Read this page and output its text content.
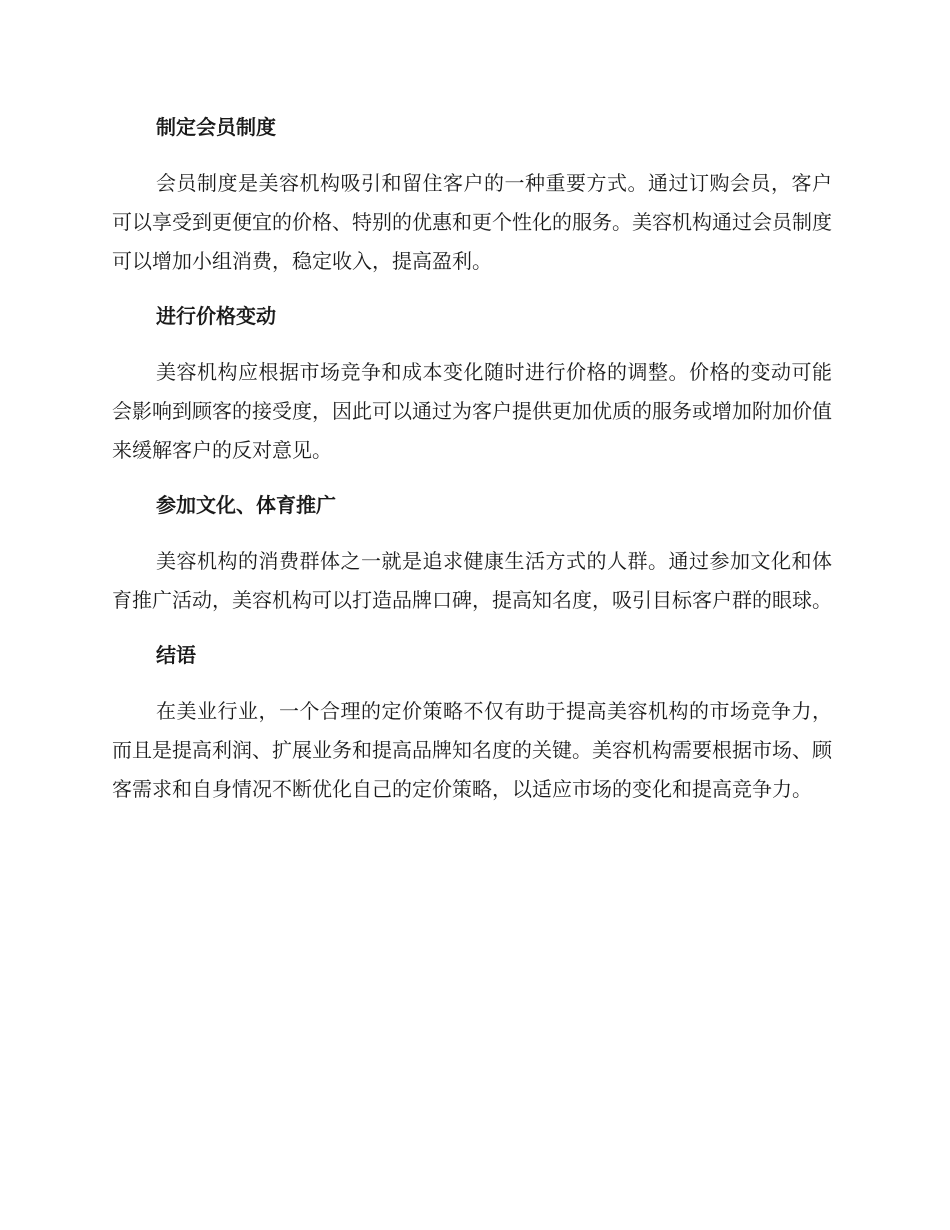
制定会员制度

会员制度是美容机构吸引和留住客户的一种重要方式。通过订购会员，客户可以享受到更便宜的价格、特别的优惠和更个性化的服务。美容机构通过会员制度可以增加小组消费，稳定收入，提高盈利。

进行价格变动

美容机构应根据市场竞争和成本变化随时进行价格的调整。价格的变动可能会影响到顾客的接受度，因此可以通过为客户提供更加优质的服务或增加附加价值来缓解客户的反对意见。

参加文化、体育推广

美容机构的消费群体之一就是追求健康生活方式的人群。通过参加文化和体育推广活动，美容机构可以打造品牌口碑，提高知名度，吸引目标客户群的眼球。

结语

在美业行业，一个合理的定价策略不仅有助于提高美容机构的市场竞争力，而且是提高利润、扩展业务和提高品牌知名度的关键。美容机构需要根据市场、顾客需求和自身情况不断优化自己的定价策略，以适应市场的变化和提高竞争力。
